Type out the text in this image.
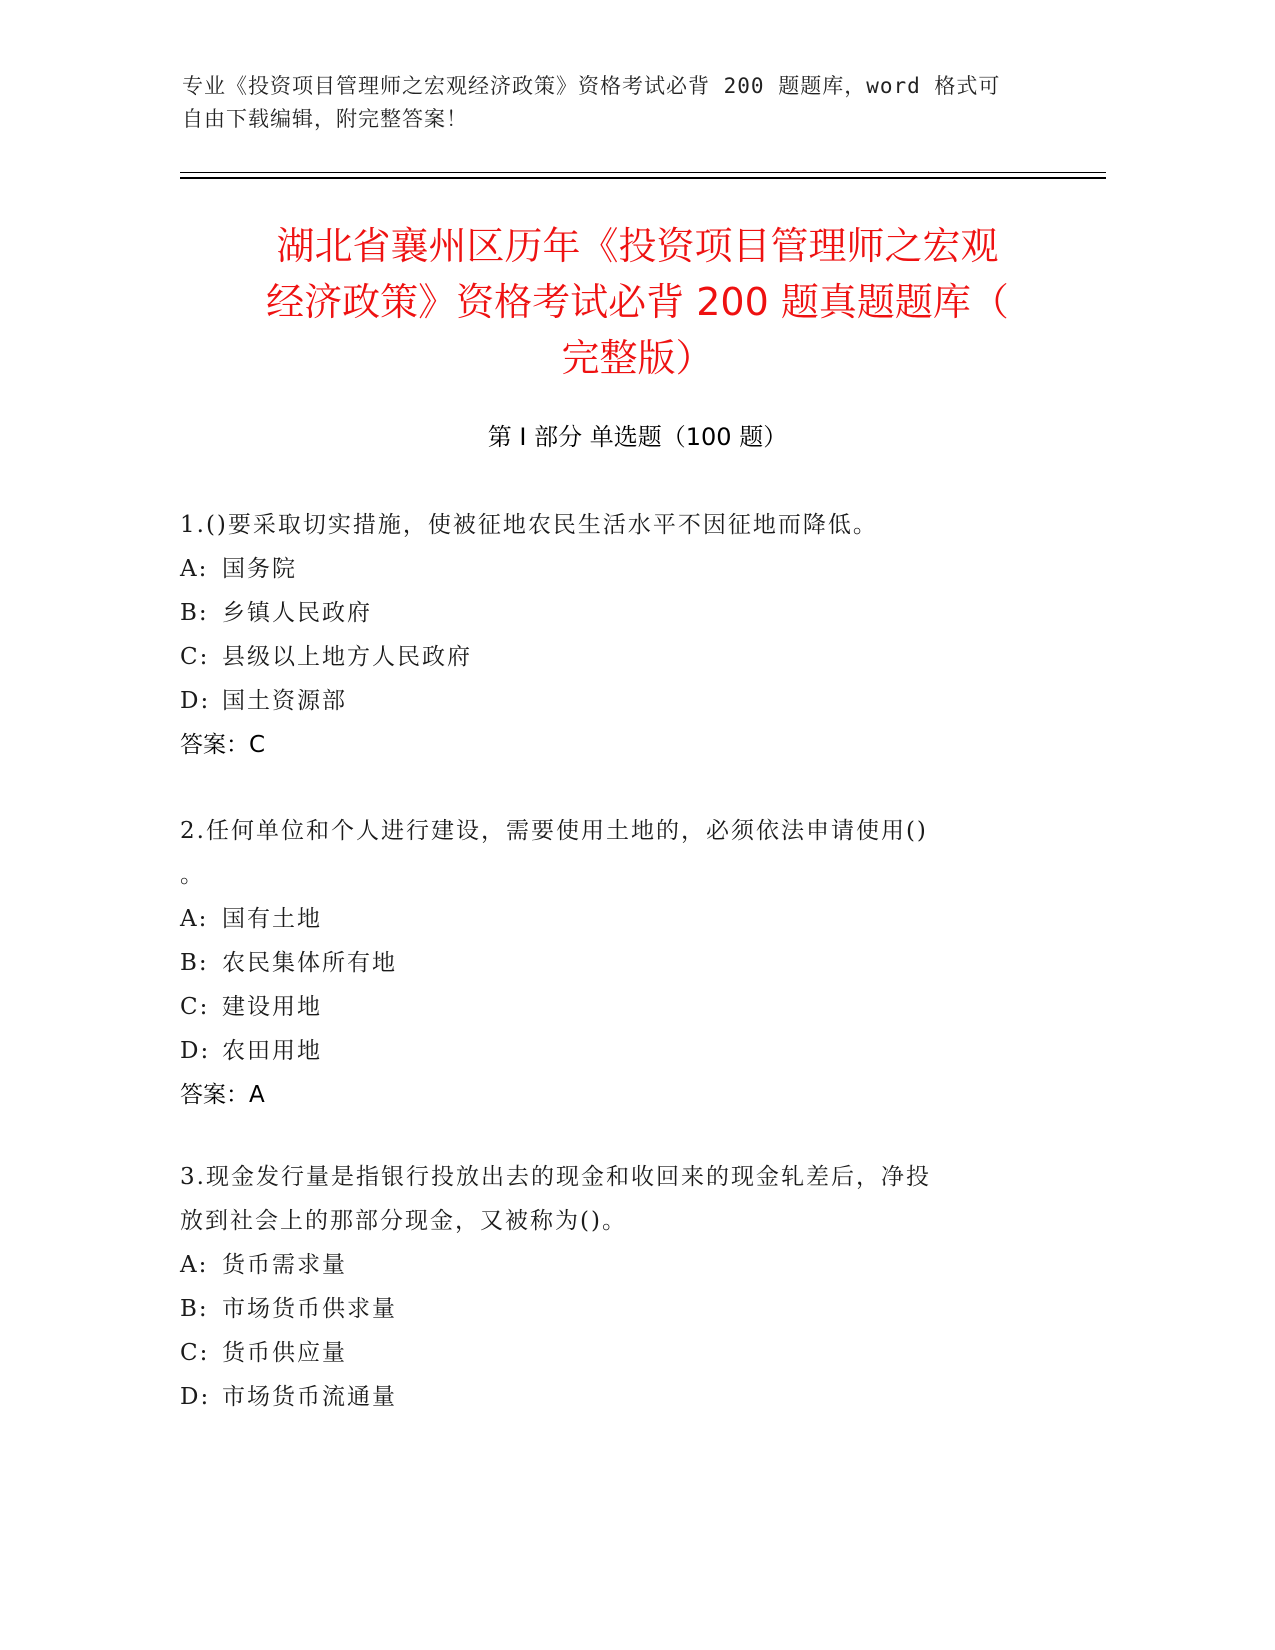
专业《投资项目管理师之宏观经济政策》资格考试必背 200 题题库，word 格式可
自由下载编辑，附完整答案！
湖北省襄州区历年《投资项目管理师之宏观
经济政策》资格考试必背 200 题真题题库（
完整版）
第 I 部分 单选题（100 题）
1.()要采取切实措施，使被征地农民生活水平不因征地而降低。
A: 国务院
B: 乡镇人民政府
C: 县级以上地方人民政府
D: 国土资源部
答案：C
2.任何单位和个人进行建设，需要使用土地的，必须依法申请使用()
。
A: 国有土地
B: 农民集体所有地
C: 建设用地
D: 农田用地
答案：A
3.现金发行量是指银行投放出去的现金和收回来的现金轧差后，净投
放到社会上的那部分现金，又被称为()。
A: 货币需求量
B: 市场货币供求量
C: 货币供应量
D: 市场货币流通量
